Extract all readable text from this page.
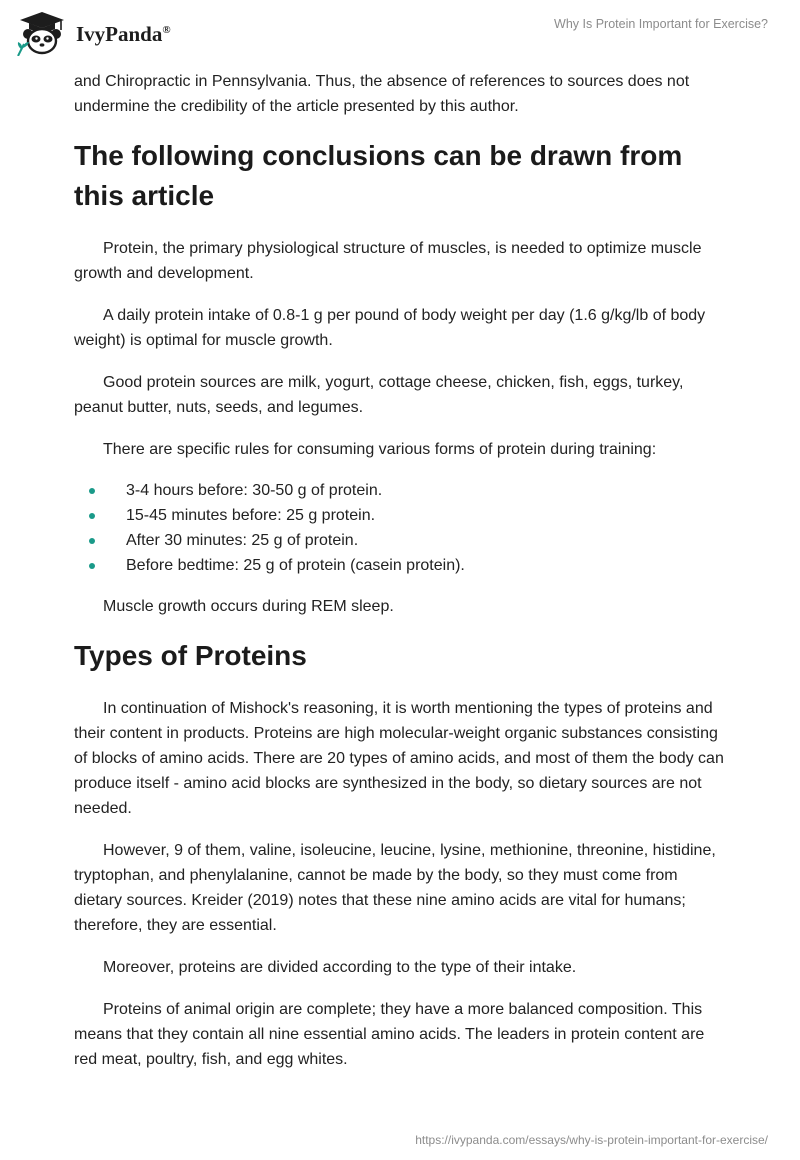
IvyPanda®	Why Is Protein Important for Exercise?

and Chiropractic in Pennsylvania. Thus, the absence of references to sources does not undermine the credibility of the article presented by this author.

The following conclusions can be drawn from this article

Protein, the primary physiological structure of muscles, is needed to optimize muscle growth and development.

A daily protein intake of 0.8-1 g per pound of body weight per day (1.6 g/kg/lb of body weight) is optimal for muscle growth.

Good protein sources are milk, yogurt, cottage cheese, chicken, fish, eggs, turkey, peanut butter, nuts, seeds, and legumes.

There are specific rules for consuming various forms of protein during training:

3-4 hours before: 30-50 g of protein.
15-45 minutes before: 25 g protein.
After 30 minutes: 25 g of protein.
Before bedtime: 25 g of protein (casein protein).

Muscle growth occurs during REM sleep.

Types of Proteins

In continuation of Mishock's reasoning, it is worth mentioning the types of proteins and their content in products. Proteins are high molecular-weight organic substances consisting of blocks of amino acids. There are 20 types of amino acids, and most of them the body can produce itself - amino acid blocks are synthesized in the body, so dietary sources are not needed.

However, 9 of them, valine, isoleucine, leucine, lysine, methionine, threonine, histidine, tryptophan, and phenylalanine, cannot be made by the body, so they must come from dietary sources. Kreider (2019) notes that these nine amino acids are vital for humans; therefore, they are essential.

Moreover, proteins are divided according to the type of their intake.

Proteins of animal origin are complete; they have a more balanced composition. This means that they contain all nine essential amino acids. The leaders in protein content are red meat, poultry, fish, and egg whites.

https://ivypanda.com/essays/why-is-protein-important-for-exercise/
